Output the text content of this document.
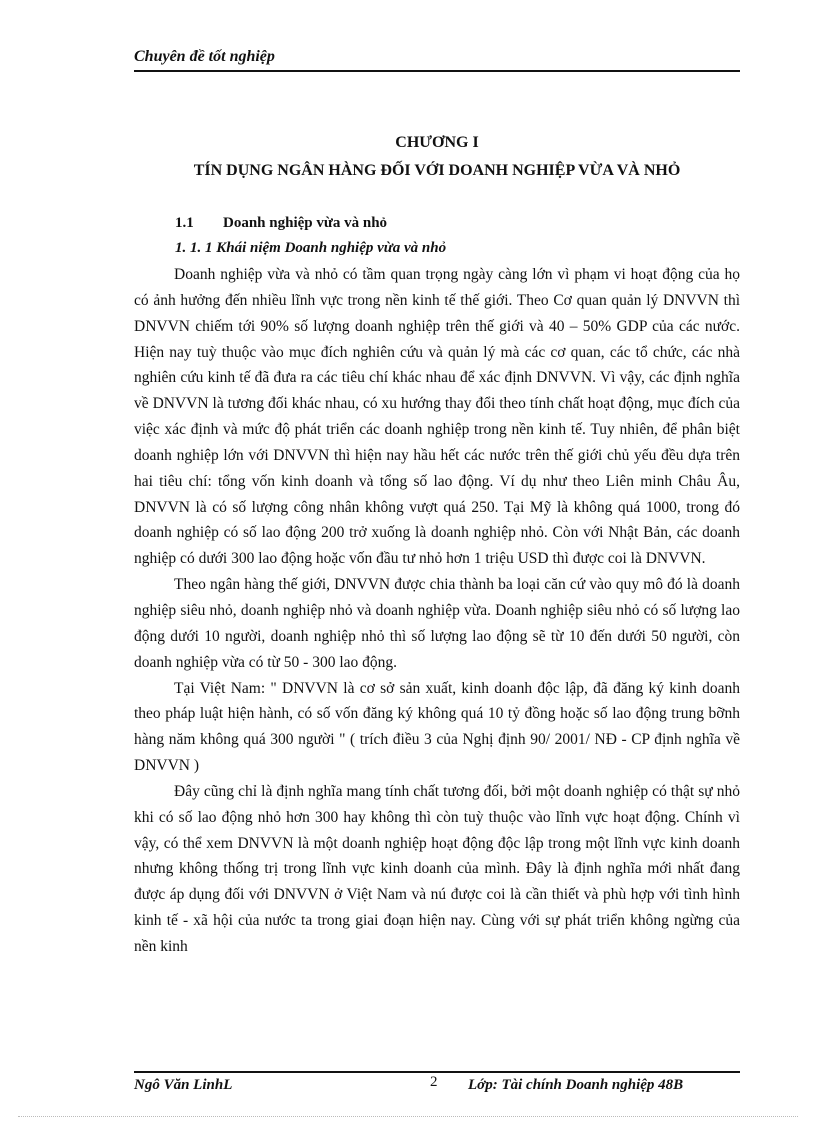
Chuyên đề tốt nghiệp
CHƯƠNG I
TÍN DỤNG NGÂN HÀNG ĐỐI VỚI DOANH NGHIỆP VỪA VÀ NHỎ
1.1 Doanh nghiệp vừa và nhỏ
1. 1. 1 Khái niệm Doanh nghiệp vừa và nhỏ

Doanh nghiệp vừa và nhỏ có tầm quan trọng ngày càng lớn vì phạm vi hoạt động của họ có ảnh hưởng đến nhiều lĩnh vực trong nền kinh tế thế giới. Theo Cơ quan quản lý DNVVN thì DNVVN chiếm tới 90% số lượng doanh nghiệp trên thế giới và 40 – 50% GDP của các nước. Hiện nay tuỳ thuộc vào mục đích nghiên cứu và quản lý mà các cơ quan, các tổ chức, các nhà nghiên cứu kinh tế đã đưa ra các tiêu chí khác nhau để xác định DNVVN. Vì vậy, các định nghĩa về DNVVN là tương đối khác nhau, có xu hướng thay đổi theo tính chất hoạt động, mục đích của việc xác định và mức độ phát triển các doanh nghiệp trong nền kinh tế. Tuy nhiên, để phân biệt doanh nghiệp lớn với DNVVN thì hiện nay hầu hết các nước trên thế giới chủ yếu đều dựa trên hai tiêu chí: tổng vốn kinh doanh và tổng số lao động. Ví dụ như theo Liên minh Châu Âu, DNVVN là có số lượng công nhân không vượt quá 250. Tại Mỹ là không quá 1000, trong đó doanh nghiệp có số lao động 200 trở xuống là doanh nghiệp nhỏ. Còn với Nhật Bản, các doanh nghiệp có dưới 300 lao động hoặc vốn đầu tư nhỏ hơn 1 triệu USD thì được coi là DNVVN.

Theo ngân hàng thế giới, DNVVN được chia thành ba loại căn cứ vào quy mô đó là doanh nghiệp siêu nhỏ, doanh nghiệp nhỏ và doanh nghiệp vừa. Doanh nghiệp siêu nhỏ có số lượng lao động dưới 10 người, doanh nghiệp nhỏ thì số lượng lao động sẽ từ 10 đến dưới 50 người, còn doanh nghiệp vừa có từ 50 - 300 lao động.

Tại Việt Nam: " DNVVN là cơ sở sản xuất, kinh doanh độc lập, đã đăng ký kinh doanh theo pháp luật hiện hành, có số vốn đăng ký không quá 10 tỷ đồng hoặc số lao động trung bỡnh hàng năm không quá 300 người " ( trích điều 3 của Nghị định 90/ 2001/ NĐ - CP định nghĩa về DNVVN )

Đây cũng chỉ là định nghĩa mang tính chất tương đối, bởi một doanh nghiệp có thật sự nhỏ khi có số lao động nhỏ hơn 300 hay không thì còn tuỳ thuộc vào lĩnh vực hoạt động. Chính vì vậy, có thể xem DNVVN là một doanh nghiệp hoạt động độc lập trong một lĩnh vực kinh doanh nhưng không thống trị trong lĩnh vực kinh doanh của mình. Đây là định nghĩa mới nhất đang được áp dụng đối với DNVVN ở Việt Nam và nú được coi là cần thiết và phù hợp với tình hình kinh tế - xã hội của nước ta trong giai đoạn hiện nay. Cùng với sự phát triển không ngừng của nền kinh

Ngô Văn LinhL	2 Lớp: Tài chính Doanh nghiệp 48B
